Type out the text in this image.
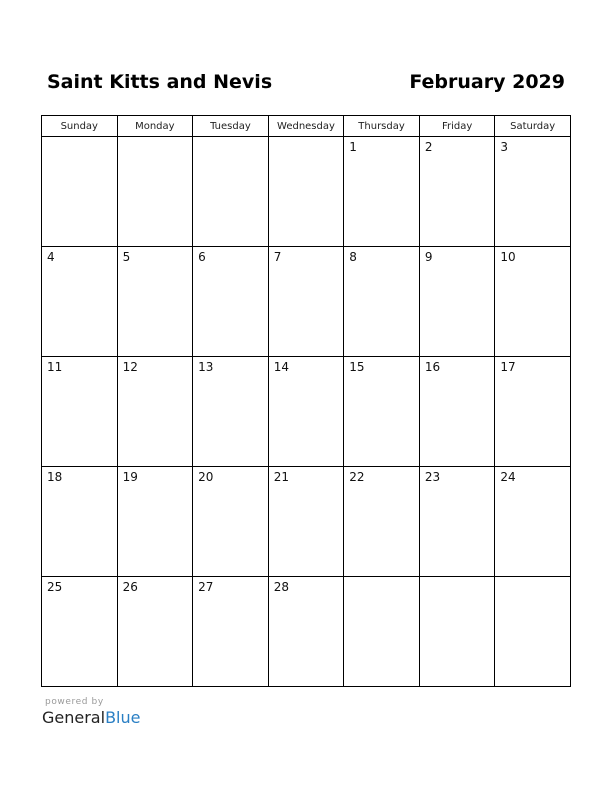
Saint Kitts and Nevis	February 2029
Sunday	Monday	Tuesday	Wednesday	Thursday	Friday	Saturday

				1	2	3

4	5	6	7	8	9	10

11	12	13	14	15	16	17

18	19	20	21	22	23	24

25	26	27	28			

powered by
GeneralBlue
